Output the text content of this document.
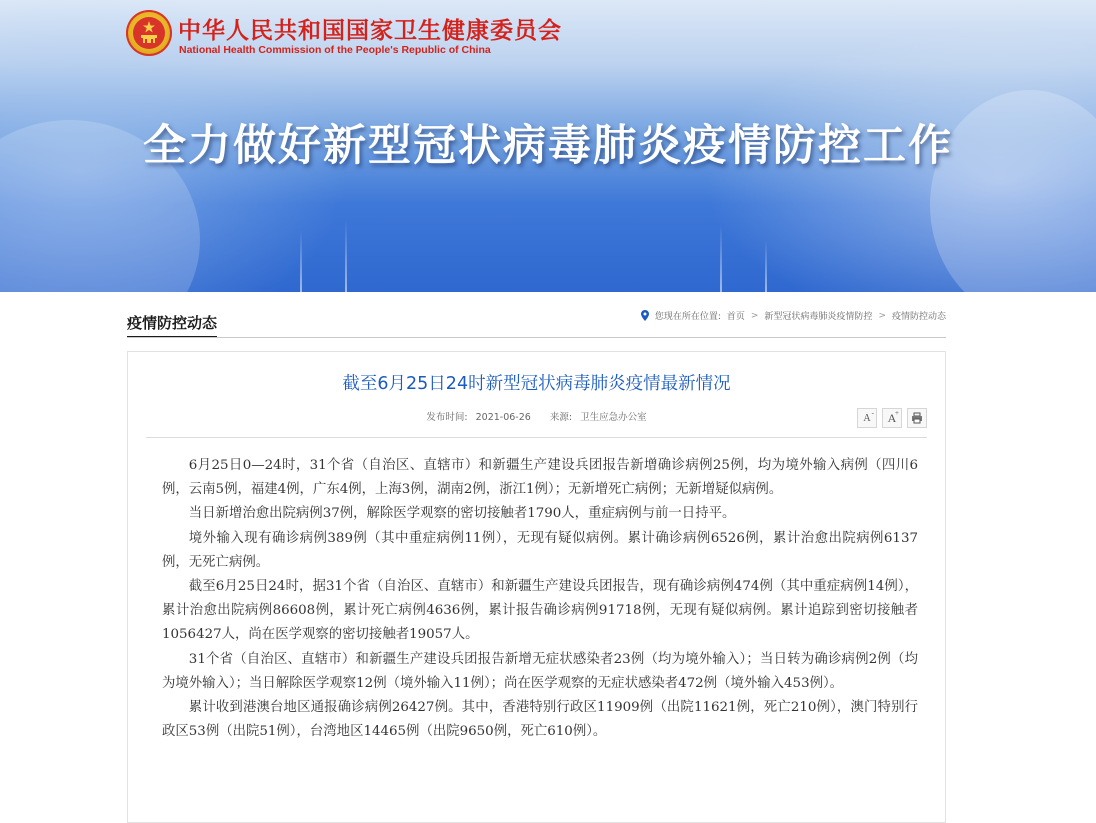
中华人民共和国国家卫生健康委员会
National Health Commission of the People's Republic of China
全力做好新型冠状病毒肺炎疫情防控工作
疫情防控动态	您现在所在位置: 首页 > 新型冠状病毒肺炎疫情防控 > 疫情防控动态
截至6月25日24时新型冠状病毒肺炎疫情最新情况
发布时间: 2021-06-26 来源: 卫生应急办公室	A- A
+

6月25日0—24时，31个省（自治区、直辖市）和新疆生产建设兵团报告新增确诊病例25例，均为境外输入病例（四川6例，云南5例，福建4例，广东4例，上海3例，湖南2例，浙江1例）；无新增死亡病例；无新增疑似病例。

当日新增治愈出院病例37例，解除医学观察的密切接触者1790人，重症病例与前一日持平。

境外输入现有确诊病例389例（其中重症病例11例），无现有疑似病例。累计确诊病例6526例，累计治愈出院病例6137例，无死亡病例。

截至6月25日24时，据31个省（自治区、直辖市）和新疆生产建设兵团报告，现有确诊病例474例（其中重症病例14例），累计治愈出院病例86608例，累计死亡病例4636例，累计报告确诊病例91718例，无现有疑似病例。累计追踪到密切接触者1056427人，尚在医学观察的密切接触者19057人。

31个省（自治区、直辖市）和新疆生产建设兵团报告新增无症状感染者23例（均为境外输入）；当日转为确诊病例2例（均为境外输入）；当日解除医学观察12例（境外输入11例）；尚在医学观察的无症状感染者472例（境外输入453例）。

累计收到港澳台地区通报确诊病例26427例。其中，香港特别行政区11909例（出院11621例，死亡210例），澳门特别行政区53例（出院51例），台湾地区14465例（出院9650例，死亡610例）。
